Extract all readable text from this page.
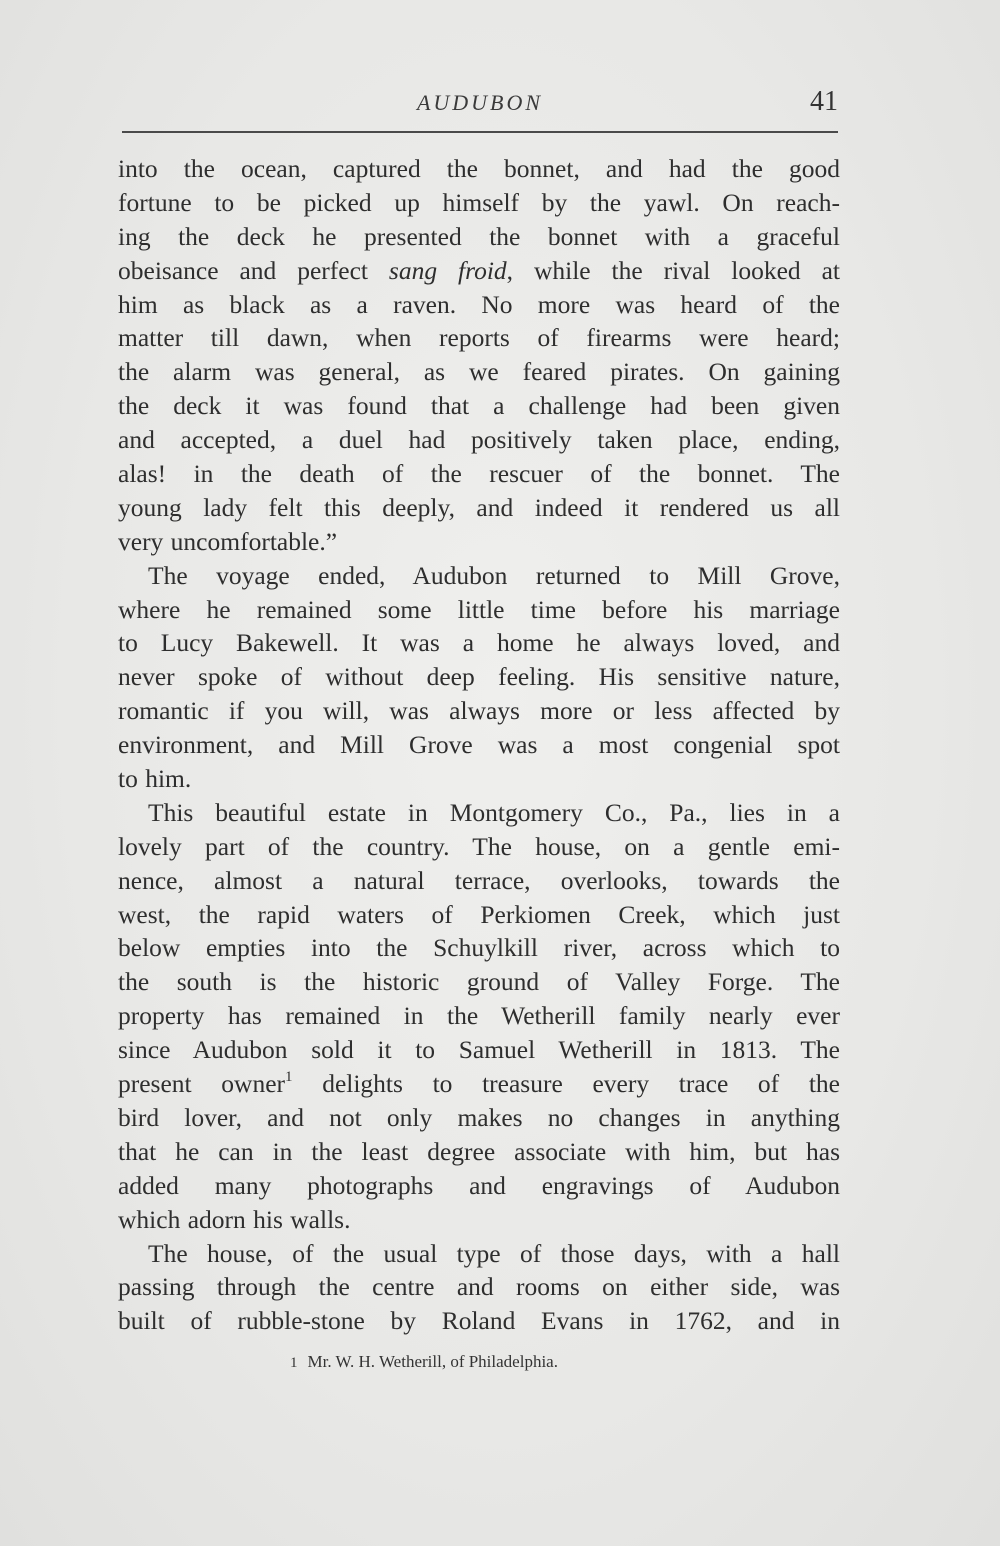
AUDUBON	41
into the ocean, captured the bonnet, and had the good
fortune to be picked up himself by the yawl. On reach-
ing the deck he presented the bonnet with a graceful
obeisance and perfect sang froid, while the rival looked at
him as black as a raven. No more was heard of the
matter till dawn, when reports of firearms were heard;
the alarm was general, as we feared pirates. On gaining
the deck it was found that a challenge had been given
and accepted, a duel had positively taken place, ending,
alas! in the death of the rescuer of the bonnet. The
young lady felt this deeply, and indeed it rendered us all
very uncomfortable.”
The voyage ended, Audubon returned to Mill Grove,
where he remained some little time before his marriage
to Lucy Bakewell. It was a home he always loved, and
never spoke of without deep feeling. His sensitive nature,
romantic if you will, was always more or less affected by
environment, and Mill Grove was a most congenial spot
to him.
This beautiful estate in Montgomery Co., Pa., lies in a
lovely part of the country. The house, on a gentle emi-
nence, almost a natural terrace, overlooks, towards the
west, the rapid waters of Perkiomen Creek, which just
below empties into the Schuylkill river, across which to
the south is the historic ground of Valley Forge. The
property has remained in the Wetherill family nearly ever
since Audubon sold it to Samuel Wetherill in 1813. The
present owner$^1$ delights to treasure every trace of the
bird lover, and not only makes no changes in anything
that he can in the least degree associate with him, but has
added many photographs and engravings of Audubon
which adorn his walls.
The house, of the usual type of those days, with a hall
passing through the centre and rooms on either side, was
built of rubble-stone by Roland Evans in 1762, and in
1 Mr. W. H. Wetherill, of Philadelphia.
